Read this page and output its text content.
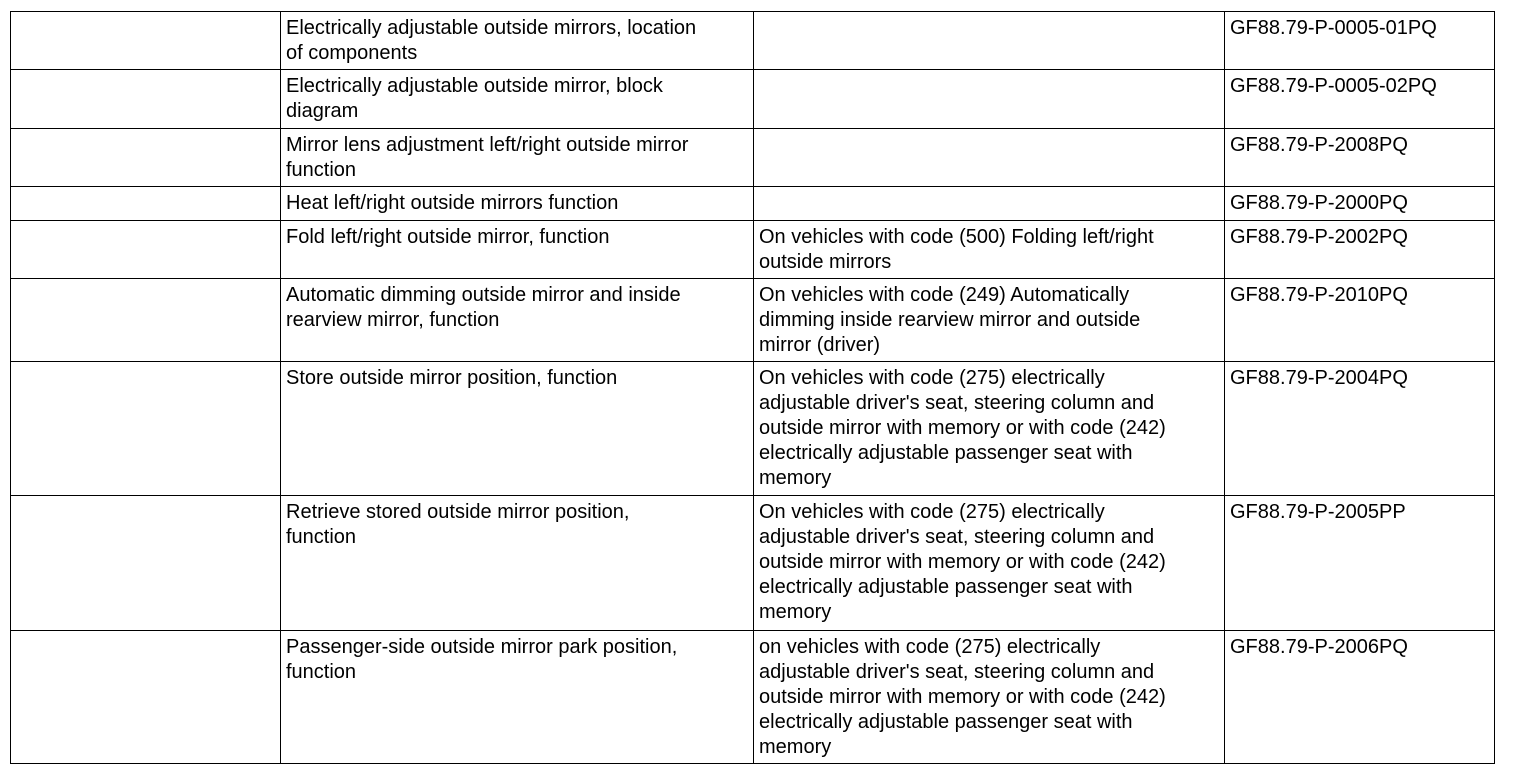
	Electrically adjustable outside mirrors, location
of components		GF88.79-P-0005-01PQ
	Electrically adjustable outside mirror, block
diagram		GF88.79-P-0005-02PQ
	Mirror lens adjustment left/right outside mirror
function		GF88.79-P-2008PQ
	Heat left/right outside mirrors function		GF88.79-P-2000PQ
	Fold left/right outside mirror, function	On vehicles with code (500) Folding left/right
outside mirrors	GF88.79-P-2002PQ
	Automatic dimming outside mirror and inside
rearview mirror, function	On vehicles with code (249) Automatically
dimming inside rearview mirror and outside
mirror (driver)	GF88.79-P-2010PQ
	Store outside mirror position, function	On vehicles with code (275) electrically
adjustable driver's seat, steering column and
outside mirror with memory or with code (242)
electrically adjustable passenger seat with
memory	GF88.79-P-2004PQ
	Retrieve stored outside mirror position,
function	On vehicles with code (275) electrically
adjustable driver's seat, steering column and
outside mirror with memory or with code (242)
electrically adjustable passenger seat with
memory	GF88.79-P-2005PP
	Passenger-side outside mirror park position,
function	on vehicles with code (275) electrically
adjustable driver's seat, steering column and
outside mirror with memory or with code (242)
electrically adjustable passenger seat with
memory	GF88.79-P-2006PQ
